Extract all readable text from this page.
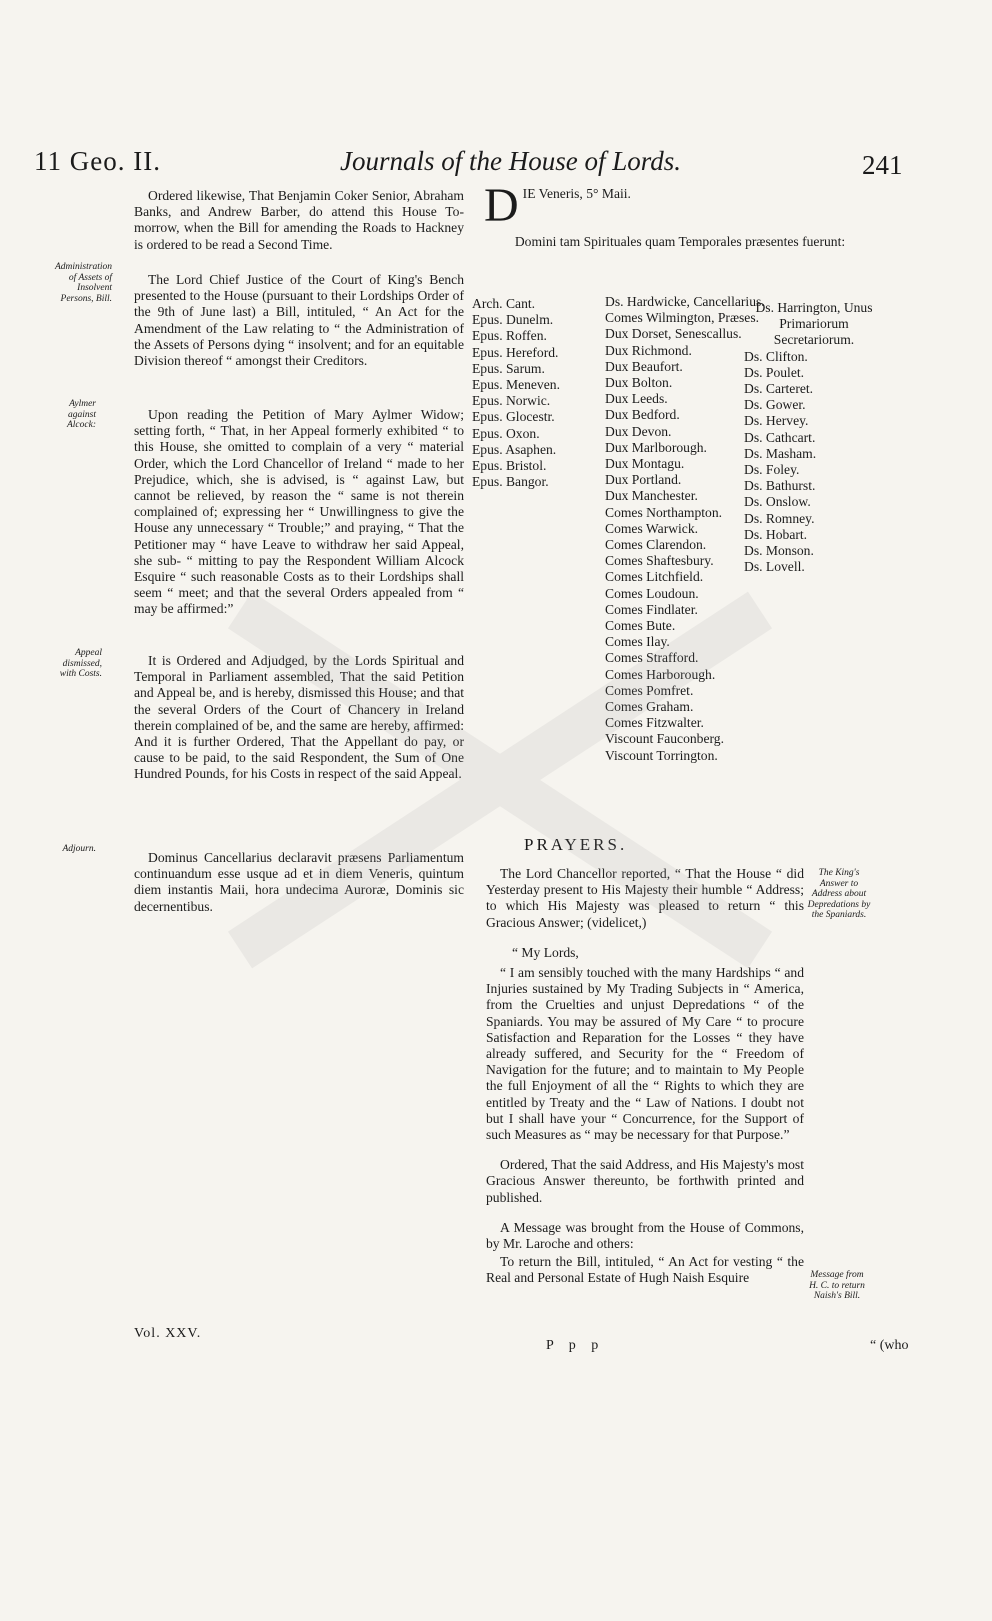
11 Geo. II.	Journals of the House of Lords.	241
Administration of Assets of Insolvent Persons, Bill.
Aylmer against Alcock:
Appeal dismissed, with Costs.
Adjourn.

Ordered likewise, That Benjamin Coker Senior, Abraham Banks, and Andrew Barber, do attend this House To-morrow, when the Bill for amending the Roads to Hackney is ordered to be read a Second Time.

The Lord Chief Justice of the Court of King's Bench presented to the House (pursuant to their Lordships Order of the 9th of June last) a Bill, intituled, “ An Act for the Amendment of the Law relating to “ the Administration of the Assets of Persons dying “ insolvent; and for an equitable Division thereof “ amongst their Creditors.

Upon reading the Petition of Mary Aylmer Widow; setting forth, “ That, in her Appeal formerly exhibited “ to this House, she omitted to complain of a very “ material Order, which the Lord Chancellor of Ireland “ made to her Prejudice, which, she is advised, is “ against Law, but cannot be relieved, by reason the “ same is not therein complained of; expressing her “ Unwillingness to give the House any unnecessary “ Trouble;” and praying, “ That the Petitioner may “ have Leave to withdraw her said Appeal, she sub- “ mitting to pay the Respondent William Alcock Esquire “ such reasonable Costs as to their Lordships shall seem “ meet; and that the several Orders appealed from “ may be affirmed:”

It is Ordered and Adjudged, by the Lords Spiritual and Temporal in Parliament assembled, That the said Petition and Appeal be, and is hereby, dismissed this House; and that the several Orders of the Court of Chancery in Ireland therein complained of be, and the same are hereby, affirmed: And it is further Ordered, That the Appellant do pay, or cause to be paid, to the said Respondent, the Sum of One Hundred Pounds, for his Costs in respect of the said Appeal.

Dominus Cancellarius declaravit præsens Parliamentum continuandum esse usque ad et in diem Veneris, quintum diem instantis Maii, hora undecima Auroræ, Dominis sic decernentibus.

D IE Veneris, 5° Maii.
Domini tam Spirituales quam Temporales præsentes fuerunt:
Arch. Cant.
Epus. Dunelm.
Epus. Roffen.
Epus. Hereford.
Epus. Sarum.
Epus. Meneven.
Epus. Norwic.
Epus. Glocestr.
Epus. Oxon.
Epus. Asaphen.
Epus. Bristol.
Epus. Bangor.
Ds. Hardwicke, Cancellarius.
Comes Wilmington, Præses.
Dux Dorset, Senescallus.
Dux Richmond.
Dux Beaufort.
Dux Bolton.
Dux Leeds.
Dux Bedford.
Dux Devon.
Dux Marlborough.
Dux Montagu.
Dux Portland.
Dux Manchester.
Comes Northampton.
Comes Warwick.
Comes Clarendon.
Comes Shaftesbury.
Comes Litchfield.
Comes Loudoun.
Comes Findlater.
Comes Bute.
Comes Ilay.
Comes Strafford.
Comes Harborough.
Comes Pomfret.
Comes Graham.
Comes Fitzwalter.
Viscount Fauconberg.
Viscount Torrington.
Ds. Harrington, Unus Primariorum Secretariorum.
Ds. Clifton.
Ds. Poulet.
Ds. Carteret.
Ds. Gower.
Ds. Hervey.
Ds. Cathcart.
Ds. Masham.
Ds. Foley.
Ds. Bathurst.
Ds. Onslow.
Ds. Romney.
Ds. Hobart.
Ds. Monson.
Ds. Lovell.
PRAYERS.

The Lord Chancellor reported, “ That the House “ did Yesterday present to His Majesty their humble “ Address; to which His Majesty was pleased to return “ this Gracious Answer; (videlicet,)

“ My Lords,

“ I am sensibly touched with the many Hardships “ and Injuries sustained by My Trading Subjects in “ America, from the Cruelties and unjust Depredations “ of the Spaniards. You may be assured of My Care “ to procure Satisfaction and Reparation for the Losses “ they have already suffered, and Security for the “ Freedom of Navigation for the future; and to maintain to My People the full Enjoyment of all the “ Rights to which they are entitled by Treaty and the “ Law of Nations. I doubt not but I shall have your “ Concurrence, for the Support of such Measures as “ may be necessary for that Purpose.”

Ordered, That the said Address, and His Majesty's most Gracious Answer thereunto, be forthwith printed and published.

A Message was brought from the House of Commons, by Mr. Laroche and others:

To return the Bill, intituled, “ An Act for vesting “ the Real and Personal Estate of Hugh Naish Esquire

The King's Answer to Address about Depredations by the Spaniards.
Message from H. C. to return Naish's Bill.
Vol. XXV.
P p p	“ (who
